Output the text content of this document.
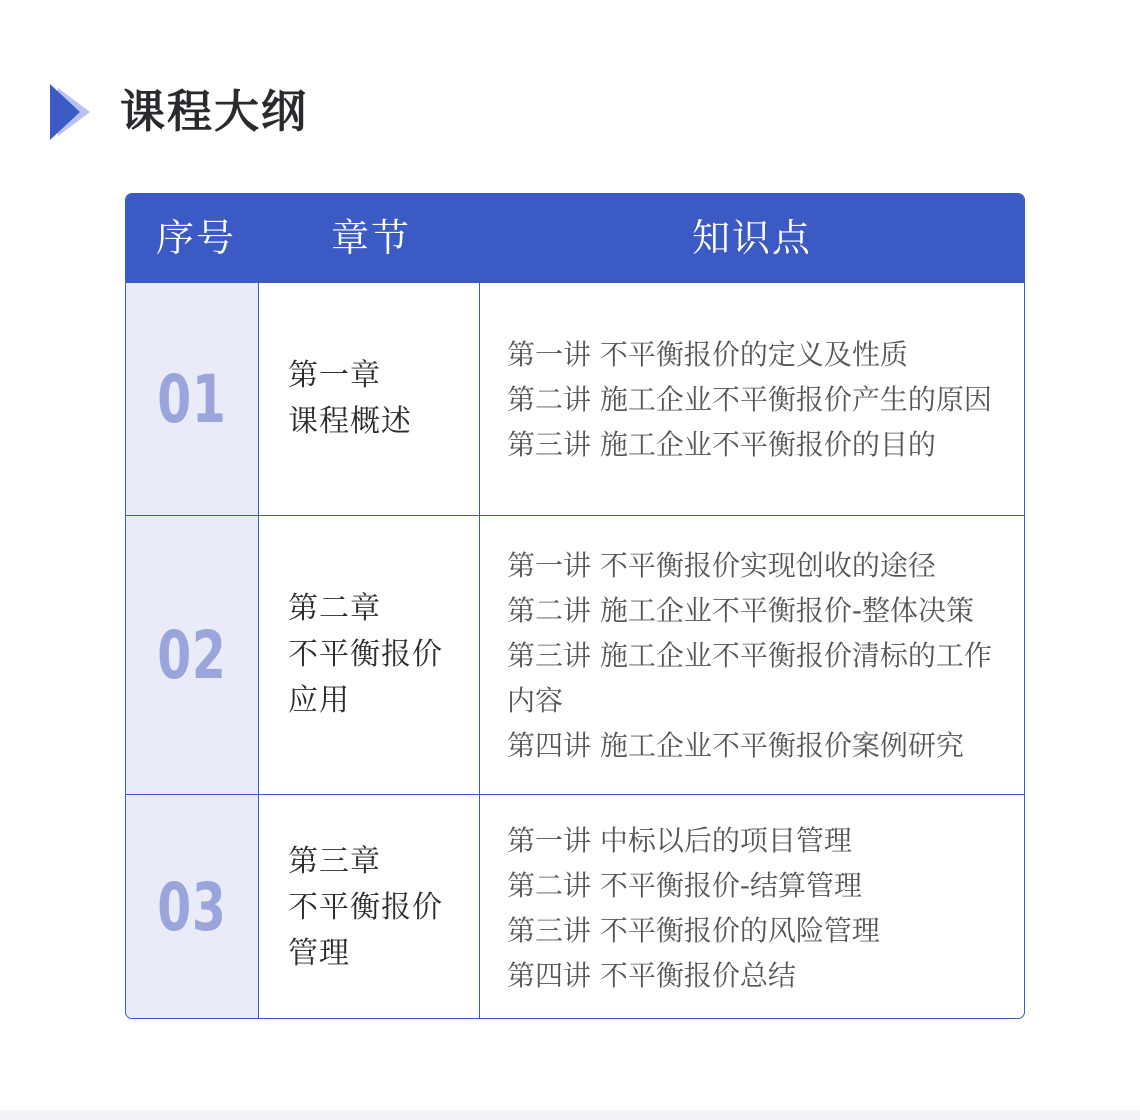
课程大纲
序号	章节	知识点
01 第一章
课程概述
第一讲 不平衡报价的定义及性质
第二讲 施工企业不平衡报价产生的原因
第三讲 施工企业不平衡报价的目的
02
第二章
不平衡报价应用
第一讲 不平衡报价实现创收的途径
第二讲 施工企业不平衡报价-整体决策
第三讲 施工企业不平衡报价清标的工作内容
第四讲 施工企业不平衡报价案例研究
03
第三章
不平衡报价管理
第一讲 中标以后的项目管理
第二讲 不平衡报价-结算管理
第三讲 不平衡报价的风险管理
第四讲 不平衡报价总结
